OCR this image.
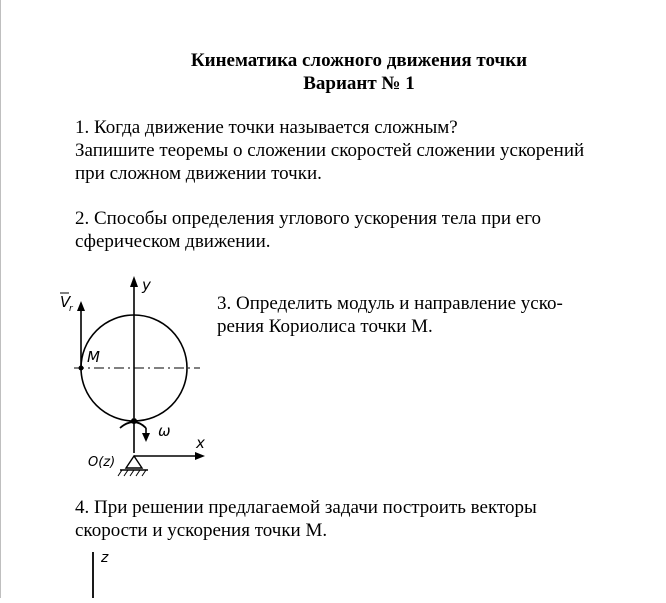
Кинематика сложного движения точки
Вариант № 1
1. Когда движение точки называется сложным?
Запишите теоремы о сложении скоростей сложении ускорений
при сложном движении точки.
2. Способы определения углового ускорения тела при его
сферическом движении.
y
M
V
r
ω
x
O(z)
3. Определить модуль и направление уско-
рения Кориолиса точки М.
4. При решении предлагаемой задачи построить векторы
скорости и ускорения точки М.
z
